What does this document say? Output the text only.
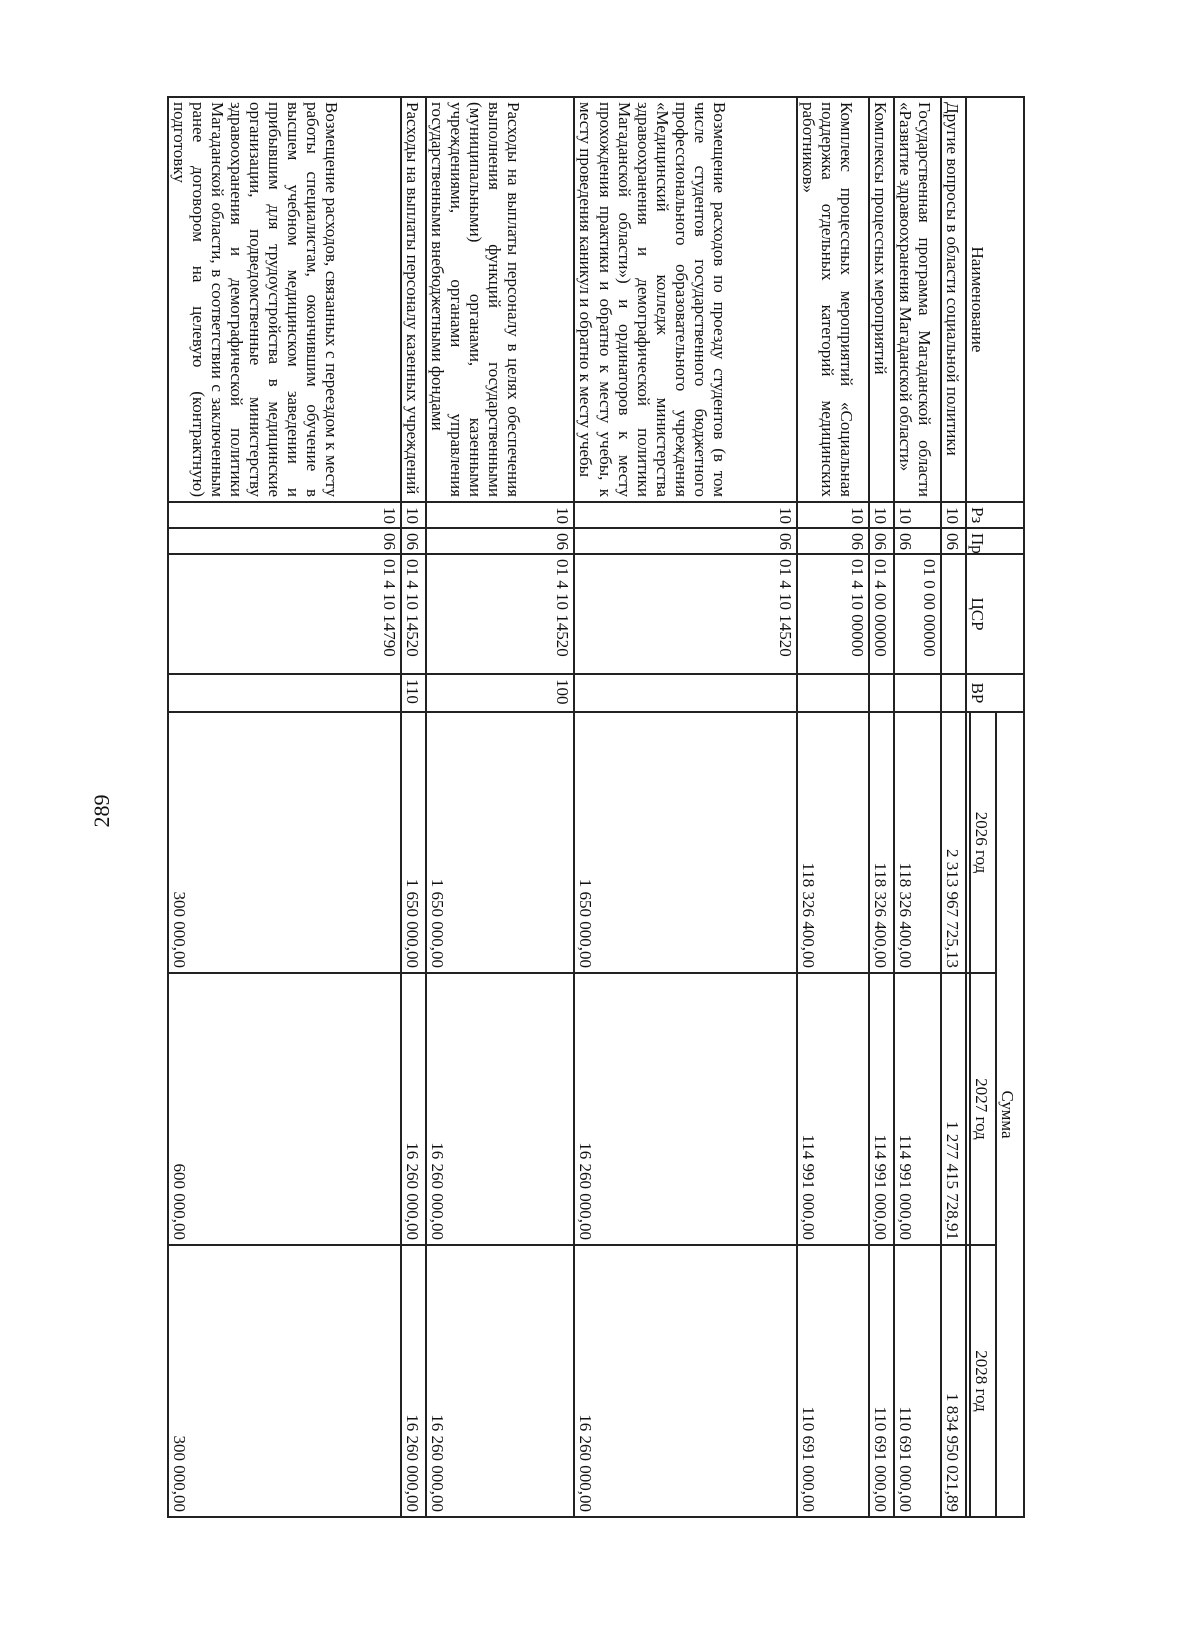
289
Наименование	Рз	Пр	ЦСР	ВР	Сумма		
					2026 год	2027 год	2028 год

Другие вопросы в области социальной политики	10	06			2 313 967 725,13	1 277 415 728,91	1 834 950 021,89
Государственная программа Магаданской области «Развитие здравоохранения Магаданской области»	10	06	01 0 00 00000		118 326 400,00	114 991 000,00	110 691 000,00
Комплексы процессных мероприятий	10	06	01 4 00 00000		118 326 400,00	114 991 000,00	110 691 000,00
Комплекс процессных мероприятий «Социальная поддержка отдельных категорий медицинских работников»	10	06	01 4 10 00000		118 326 400,00	114 991 000,00	110 691 000,00
Возмещение расходов по проезду студентов (в том числе студентов государственного бюджетного профессионального образовательного учреждения «Медицинский колледж министерства здравоохранения и демографической политики Магаданской области») и ординаторов к месту прохождения практики и обратно к месту учебы, к месту проведения каникул и обратно к месту учебы	10	06	01 4 10 14520		1 650 000,00	16 260 000,00	16 260 000,00
Расходы на выплаты персоналу в целях обеспечения выполнения функций государственными (муниципальными) органами, казенными учреждениями, органами управления государственными внебюджетными фондами	10	06	01 4 10 14520	100	1 650 000,00	16 260 000,00	16 260 000,00
Расходы на выплаты персоналу казенных учреждений	10	06	01 4 10 14520	110	1 650 000,00	16 260 000,00	16 260 000,00
Возмещение расходов, связанных с переездом к месту работы специалистам, окончившим обучение в высшем учебном медицинском заведении и прибывшим для трудоустройства в медицинские организации, подведомственные министерству здравоохранения и демографической политики Магаданской области, в соответствии с заключенным ранее договором на целевую (контрактную) подготовку	10	06	01 4 10 14790		300 000,00	600 000,00	300 000,00
